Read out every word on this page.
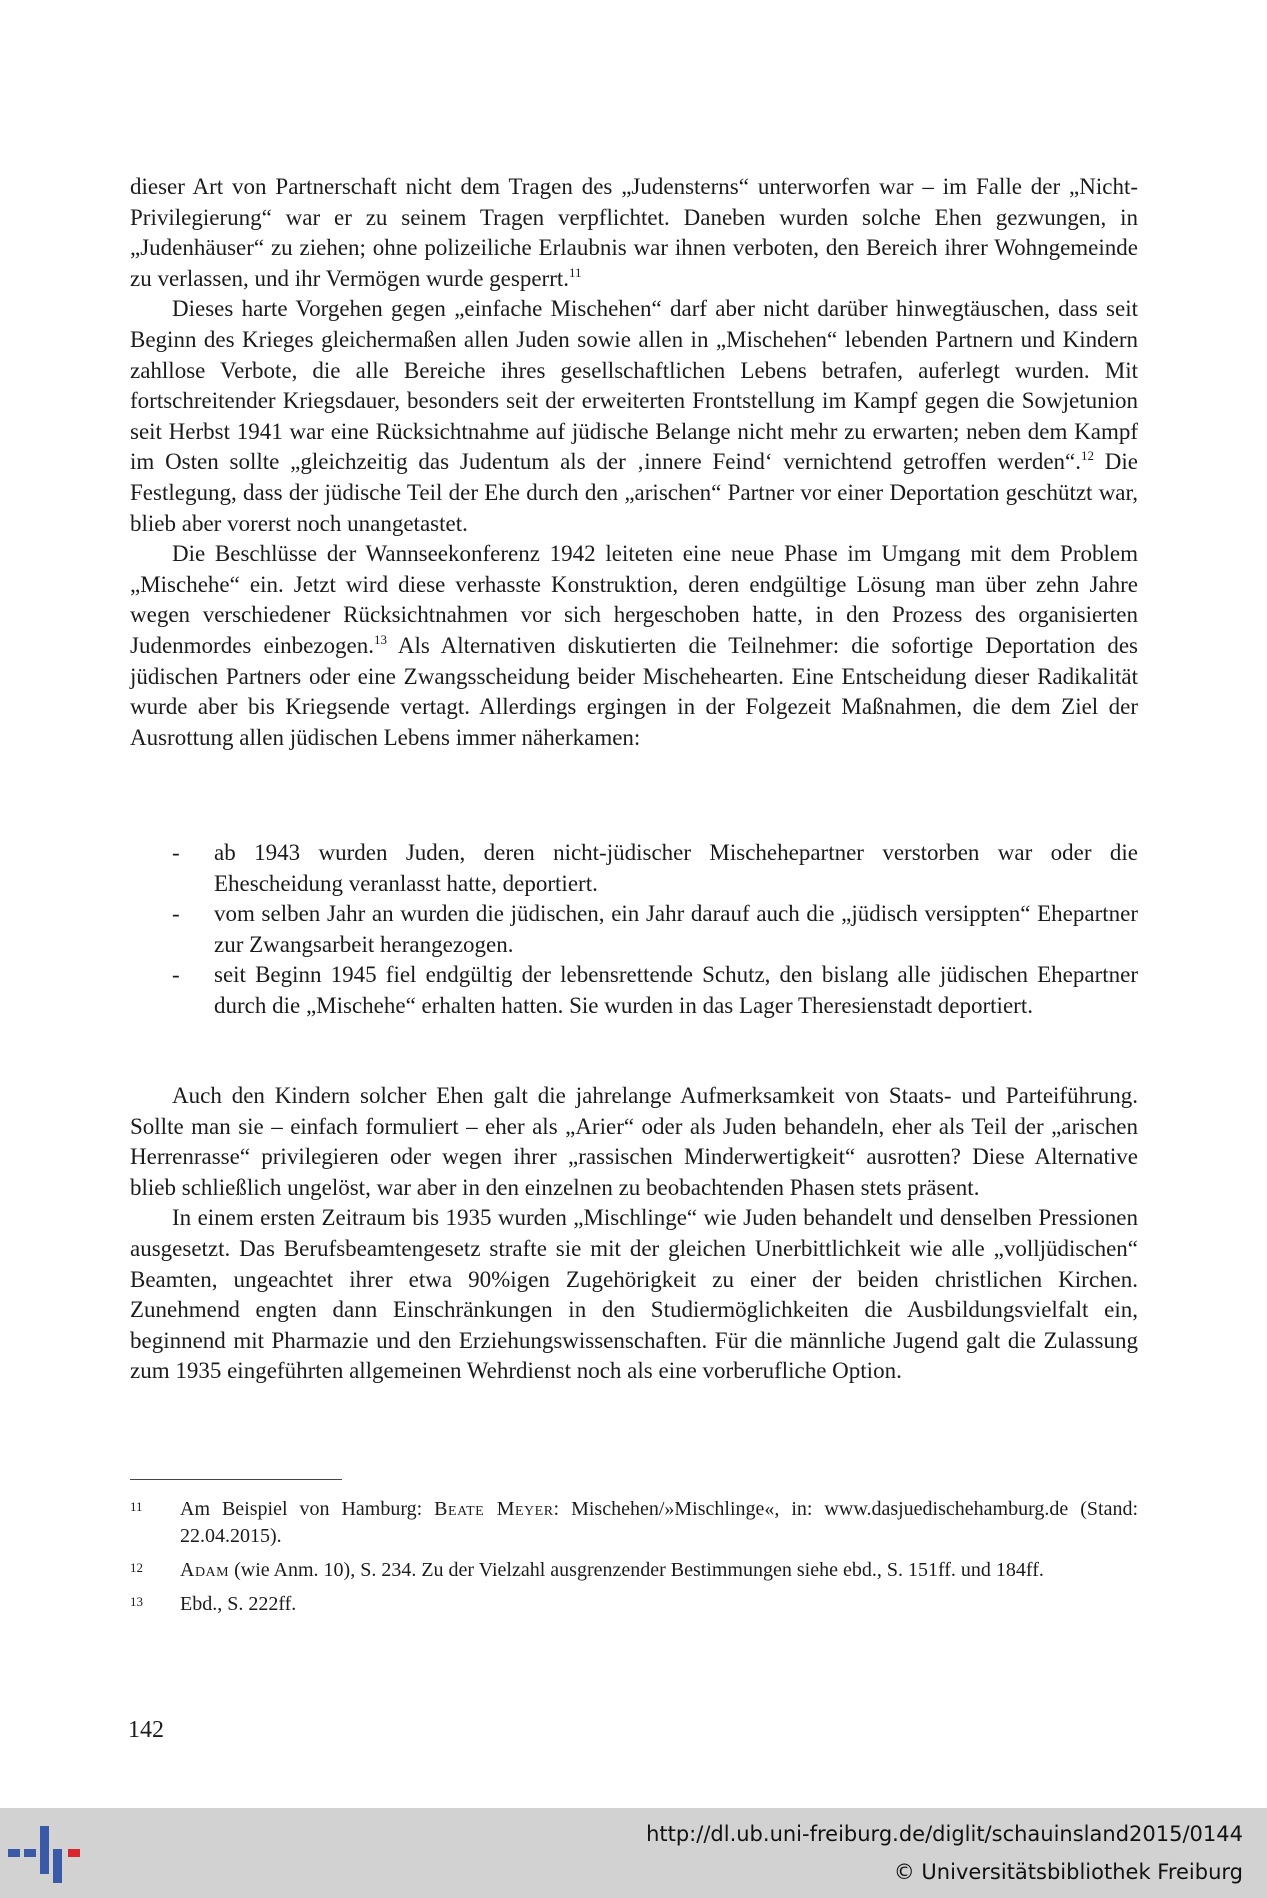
dieser Art von Partnerschaft nicht dem Tragen des „Judensterns“ unterworfen war – im Falle der „Nicht-Privilegierung“ war er zu seinem Tragen verpflichtet. Daneben wurden solche Ehen gezwungen, in „Judenhäuser“ zu ziehen; ohne polizeiliche Erlaubnis war ihnen verboten, den Bereich ihrer Wohngemeinde zu verlassen, und ihr Vermögen wurde gesperrt.$^{11}$

Dieses harte Vorgehen gegen „einfache Mischehen“ darf aber nicht darüber hinwegtäuschen, dass seit Beginn des Krieges gleichermaßen allen Juden sowie allen in „Mischehen“ lebenden Partnern und Kindern zahllose Verbote, die alle Bereiche ihres gesellschaftlichen Lebens betrafen, auferlegt wurden. Mit fortschreitender Kriegsdauer, besonders seit der erweiterten Frontstellung im Kampf gegen die Sowjetunion seit Herbst 1941 war eine Rücksichtnahme auf jüdische Belange nicht mehr zu erwarten; neben dem Kampf im Osten sollte „gleichzeitig das Judentum als der ‚innere Feind‘ vernichtend getroffen werden“.$^{12}$ Die Festlegung, dass der jüdische Teil der Ehe durch den „arischen“ Partner vor einer Deportation geschützt war, blieb aber vorerst noch unangetastet.

Die Beschlüsse der Wannseekonferenz 1942 leiteten eine neue Phase im Umgang mit dem Problem „Mischehe“ ein. Jetzt wird diese verhasste Konstruktion, deren endgültige Lösung man über zehn Jahre wegen verschiedener Rücksichtnahmen vor sich hergeschoben hatte, in den Prozess des organisierten Judenmordes einbezogen.$^{13}$ Als Alternativen diskutierten die Teilnehmer: die sofortige Deportation des jüdischen Partners oder eine Zwangsscheidung beider Mischehearten. Eine Entscheidung dieser Radikalität wurde aber bis Kriegsende vertagt. Allerdings ergingen in der Folgezeit Maßnahmen, die dem Ziel der Ausrottung allen jüdischen Lebens immer näherkamen:

- ab 1943 wurden Juden, deren nicht-jüdischer Mischehepartner verstorben war oder die Ehescheidung veranlasst hatte, deportiert.
- vom selben Jahr an wurden die jüdischen, ein Jahr darauf auch die „jüdisch versippten“ Ehepartner zur Zwangsarbeit herangezogen.
- seit Beginn 1945 fiel endgültig der lebensrettende Schutz, den bislang alle jüdischen Ehepartner durch die „Mischehe“ erhalten hatten. Sie wurden in das Lager Theresienstadt deportiert.

Auch den Kindern solcher Ehen galt die jahrelange Aufmerksamkeit von Staats- und Parteiführung. Sollte man sie – einfach formuliert – eher als „Arier“ oder als Juden behandeln, eher als Teil der „arischen Herrenrasse“ privilegieren oder wegen ihrer „rassischen Minderwertigkeit“ ausrotten? Diese Alternative blieb schließlich ungelöst, war aber in den einzelnen zu beobachtenden Phasen stets präsent.

In einem ersten Zeitraum bis 1935 wurden „Mischlinge“ wie Juden behandelt und denselben Pressionen ausgesetzt. Das Berufsbeamtengesetz strafte sie mit der gleichen Unerbittlichkeit wie alle „volljüdischen“ Beamten, ungeachtet ihrer etwa 90%igen Zugehörigkeit zu einer der beiden christlichen Kirchen. Zunehmend engten dann Einschränkungen in den Studiermöglichkeiten die Ausbildungsvielfalt ein, beginnend mit Pharmazie und den Erziehungswissenschaften. Für die männliche Jugend galt die Zulassung zum 1935 eingeführten allgemeinen Wehrdienst noch als eine vorberufliche Option.

11 Am Beispiel von Hamburg: Beate Meyer: Mischehen/»Mischlinge«, in: www.dasjuedischehamburg.de (Stand: 22.04.2015).
12 Adam (wie Anm. 10), S. 234. Zu der Vielzahl ausgrenzender Bestimmungen siehe ebd., S. 151ff. und 184ff.
13 Ebd., S. 222ff.
142
http://dl.ub.uni-freiburg.de/diglit/schauinsland2015/0144
© Universitätsbibliothek Freiburg
